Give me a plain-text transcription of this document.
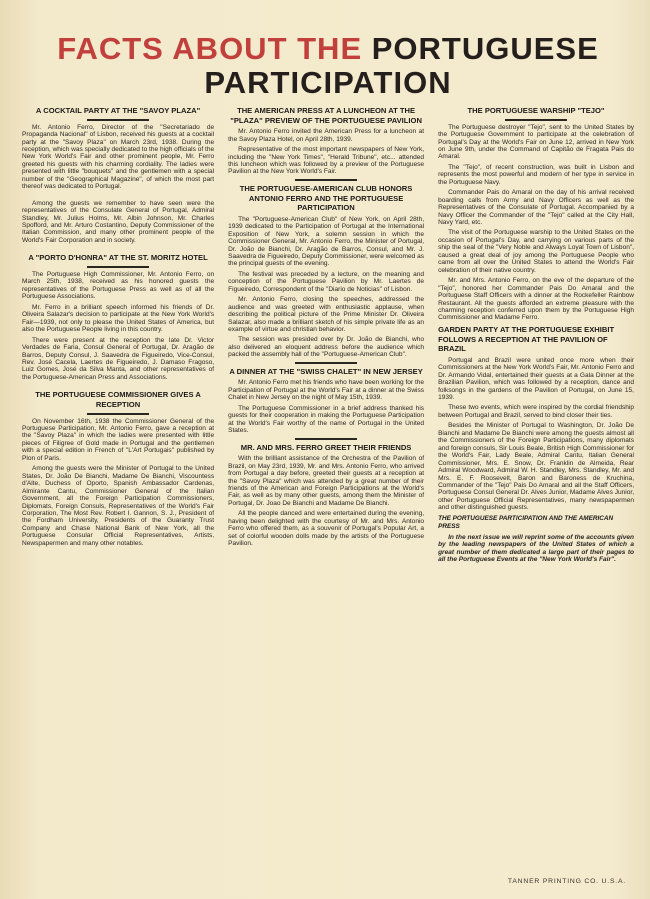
FACTS ABOUT THE PORTUGUESE
PARTICIPATION
A COCKTAIL PARTY AT THE "SAVOY PLAZA"

Mr. Antonio Ferro, Director of the "Secretariado de Propaganda Nacional" of Lisbon, received his guests at a cocktail party at the "Savoy Plaza" on March 23rd, 1938. During the reception, which was specially dedicated to the high officials of the New York World's Fair and other prominent people, Mr. Ferro greeted his guests with his charming cordiality. The ladies were presented with little "bouquets" and the gentlemen with a special number of the "Geographical Magazine", of which the most part thereof was dedicated to Portugal.

Among the guests we remember to have seen were the representatives of the Consulate General of Portugal, Admiral Standley, Mr. Julius Holms, Mr. Albin Johnson, Mr. Charles Spofford, and Mr. Arturo Costantino, Deputy Commissioner of the Italian Commission, and many other prominent people of the World's Fair Corporation and in society.

A "PORTO D'HONRA" AT THE ST. MORITZ HOTEL

The Portuguese High Commissioner, Mr. Antonio Ferro, on March 25th, 1938, received as his honored guests the representatives of the Portuguese Press as well as of all the Portuguese Associations.

Mr. Ferro in a brilliant speech informed his friends of Dr. Oliveira Salazar's decision to participate at the New York World's Fair—1939, not only to please the United States of America, but also the Portuguese People living in this country.

There were present at the reception the late Dr. Victor Verdades de Faria, Consul General of Portugal, Dr. Aragão de Barros, Deputy Consul, J. Saavedra de Figueiredo, Vice-Consul, Rev. José Cacela, Laertes de Figueiredo, J. Damaso Fragoso, Luiz Gomes, José da Silva Manta, and other representatives of the Portuguese-American Press and Associations.

THE PORTUGUESE COMMISSIONER GIVES A RECEPTION

On November 16th, 1938 the Commissioner General of the Portuguese Participation, Mr. Antonio Ferro, gave a reception at the "Savoy Plaza" in which the ladies were presented with little pieces of Filigree of Gold made in Portugal and the gentlemen with a special edition in French of "L'Art Portugais" published by Plon of Paris.

Among the guests were the Minister of Portugal to the United States, Dr. João De Bianchi, Madame De Bianchi, Viscountess d'Alte, Duchess of Oporto, Spanish Ambassador Cardenas, Almirante Cantu, Commissioner General of the Italian Government, all the Foreign Participation Commissioners, Diplomats, Foreign Consuls, Representatives of the World's Fair Corporation, The Most Rev. Robert I. Gannon, S. J., President of the Fordham University, Presidents of the Guaranty Trust Company and Chase National Bank of New York, all the Portuguese Consular Official Representatives, Artists, Newspapermen and many other notables.

THE AMERICAN PRESS AT A LUNCHEON AT THE "PLAZA" PREVIEW OF THE PORTUGUESE PAVILION

Mr. Antonio Ferro invited the American Press for a luncheon at the Savoy Plaza Hotel, on April 28th, 1939.

Representative of the most important newspapers of New York, including the "New York Times", "Herald Tribune", etc... attended this luncheon which was followed by a preview of the Portuguese Pavilion at the New York World's Fair.

THE PORTUGUESE-AMERICAN CLUB HONORS ANTONIO FERRO AND THE PORTUGUESE PARTICIPATION

The "Portuguese-American Club" of New York, on April 28th, 1939 dedicated to the Participation of Portugal at the International Exposition of New York, a solemn session in which the Commissioner General, Mr. Antonio Ferro, the Minister of Portugal, Dr. João de Bianchi, Dr. Aragão de Barros, Consul, and Mr. J. Saavedra de Figueiredo, Deputy Commissioner, were welcomed as the principal guests of the evening.

The festival was preceded by a lecture, on the meaning and conception of the Portuguese Pavilion by Mr. Laertes de Figueiredo, Correspondent of the "Diario de Noticias" of Lisbon.

Mr. Antonio Ferro, closing the speeches, addressed the audience and was greeted with enthusiastic applause, when describing the political picture of the Prime Minister Dr. Oliveira Salazar, also made a brilliant sketch of his simple private life as an example of virtue and christian behavior.

The session was presided over by Dr. João de Bianchi, who also delivered an eloquent address before the audience which packed the assembly hall of the "Portuguese-American Club".

A DINNER AT THE "SWISS CHALET" IN NEW JERSEY

Mr. Antonio Ferro met his friends who have been working for the Participation of Portugal at the World's Fair at a dinner at the Swiss Chalet in New Jersey on the night of May 15th, 1939.

The Portuguese Commissioner in a brief address thanked his guests for their cooperation in making the Portuguese Participation at the World's Fair worthy of the name of Portugal in the United States.

MR. AND MRS. FERRO GREET THEIR FRIENDS

With the brilliant assistance of the Orchestra of the Pavilion of Brazil, on May 23rd, 1939, Mr. and Mrs. Antonio Ferro, who arrived from Portugal a day before, greeted their guests at a reception at the "Savoy Plaza" which was attended by a great number of their friends of the American and Foreign Participations at the World's Fair, as well as by many other guests, among them the Minister of Portugal, Dr. Joao De Bianchi and Madame De Bianchi.

All the people danced and were entertained during the evening, having been delighted with the courtesy of Mr. and Mrs. Antonio Ferro who offered them, as a souvenir of Portugal's Popular Art, a set of colorful wooden dolls made by the artists of the Portuguese Pavilion.

THE PORTUGUESE WARSHIP "TEJO"

The Portuguese destroyer "Tejo", sent to the United States by the Portuguese Government to participate at the celebration of Portugal's Day at the World's Fair on June 12, arrived in New York on June 9th, under the Command of Capitão de Fragata Pais do Amaral.

The "Tejo", of recent construction, was built in Lisbon and represents the most powerful and modern of her type in service in the Portuguese Navy.

Commander Pais do Amaral on the day of his arrival received boarding calls from Army and Navy Officers as well as the Representatives of the Consulate of Portugal. Accompanied by a Navy Officer the Commander of the "Tejo" called at the City Hall, Navy Yard, etc.

The visit of the Portuguese warship to the United States on the occasion of Portugal's Day, and carrying on various parts of the ship the seal of the "Very Noble and Always Loyal Town of Lisbon", caused a great deal of joy among the Portuguese People who came from all over the United States to attend the World's Fair celebration of their native country.

Mr. and Mrs. Antonio Ferro, on the eve of the departure of the "Tejo", honored her Commander Pais Do Amaral and the Portuguese Staff Officers with a dinner at the Rockefeller Rainbow Restaurant. All the guests afforded an extreme pleasure with the charming reception conferred upon them by the Portuguese High Commissioner and Madame Ferro.

GARDEN PARTY AT THE PORTUGUESE EXHIBIT FOLLOWS A RECEPTION AT THE PAVILION OF BRAZIL

Portugal and Brazil were united once more when their Commissioners at the New York World's Fair, Mr. Antonio Ferro and Dr. Armando Vidal, entertained their guests at a Gala Dinner at the Brazilian Pavilion, which was followed by a reception, dance and folksongs in the gardens of the Pavilion of Portugal, on June 15, 1939.

These two events, which were inspired by the cordial friendship between Portugal and Brazil, served to bind closer their ties.

Besides the Minister of Portugal to Washington, Dr. João De Bianchi and Madame De Bianchi were among the guests almost all the Commissioners of the Foreign Participations, many diplomats and foreign consuls, Sir Louis Beale, British High Commissioner for the World's Fair, Lady Beale, Admiral Cantu, Italian General Commissioner, Mrs. E. Snow, Dr. Franklin de Almeida, Rear Admiral Woodward, Admiral W. H. Standley, Mrs. Standley, Mr. and Mrs. E. F. Roosevelt, Baron and Baroness de Kruchina, Commander of the "Tejo" Pais Do Amaral and all the Staff Officers, Portuguese Consul General Dr. Alves Junior, Madame Alves Junior, other Portuguese Official Representatives, many newspapermen and other distinguished guests.

THE PORTUGUESE PARTICIPATION AND THE AMERICAN PRESS

In the next issue we will reprint some of the accounts given by the leading newspapers of the United States of which a great number of them dedicated a large part of their pages to all the Portuguese Events at the "New York World's Fair".

TANNER PRINTING CO. U.S.A.
